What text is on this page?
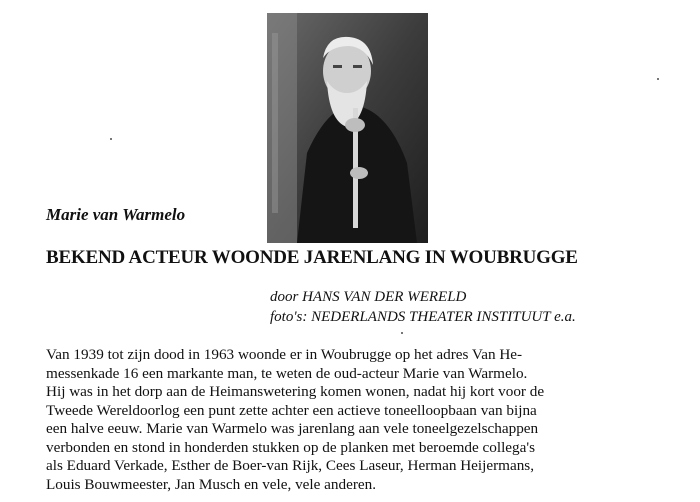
Marie van Warmelo
BEKEND ACTEUR WOONDE JARENLANG IN WOUBRUGGE
door HANS VAN DER WERELD
foto's: NEDERLANDS THEATER INSTITUUT e.a.
Van 1939 tot zijn dood in 1963 woonde er in Woubrugge op het adres Van He-
messenkade 16 een markante man, te weten de oud-acteur Marie van Warmelo.
Hij was in het dorp aan de Heimanswetering komen wonen, nadat hij kort voor de
Tweede Wereldoorlog een punt zette achter een actieve toneelloopbaan van bijna
een halve eeuw. Marie van Warmelo was jarenlang aan vele toneelgezelschappen
verbonden en stond in honderden stukken op de planken met beroemde collega's
als Eduard Verkade, Esther de Boer-van Rijk, Cees Laseur, Herman Heijermans,
Louis Bouwmeester, Jan Musch en vele, vele anderen.
